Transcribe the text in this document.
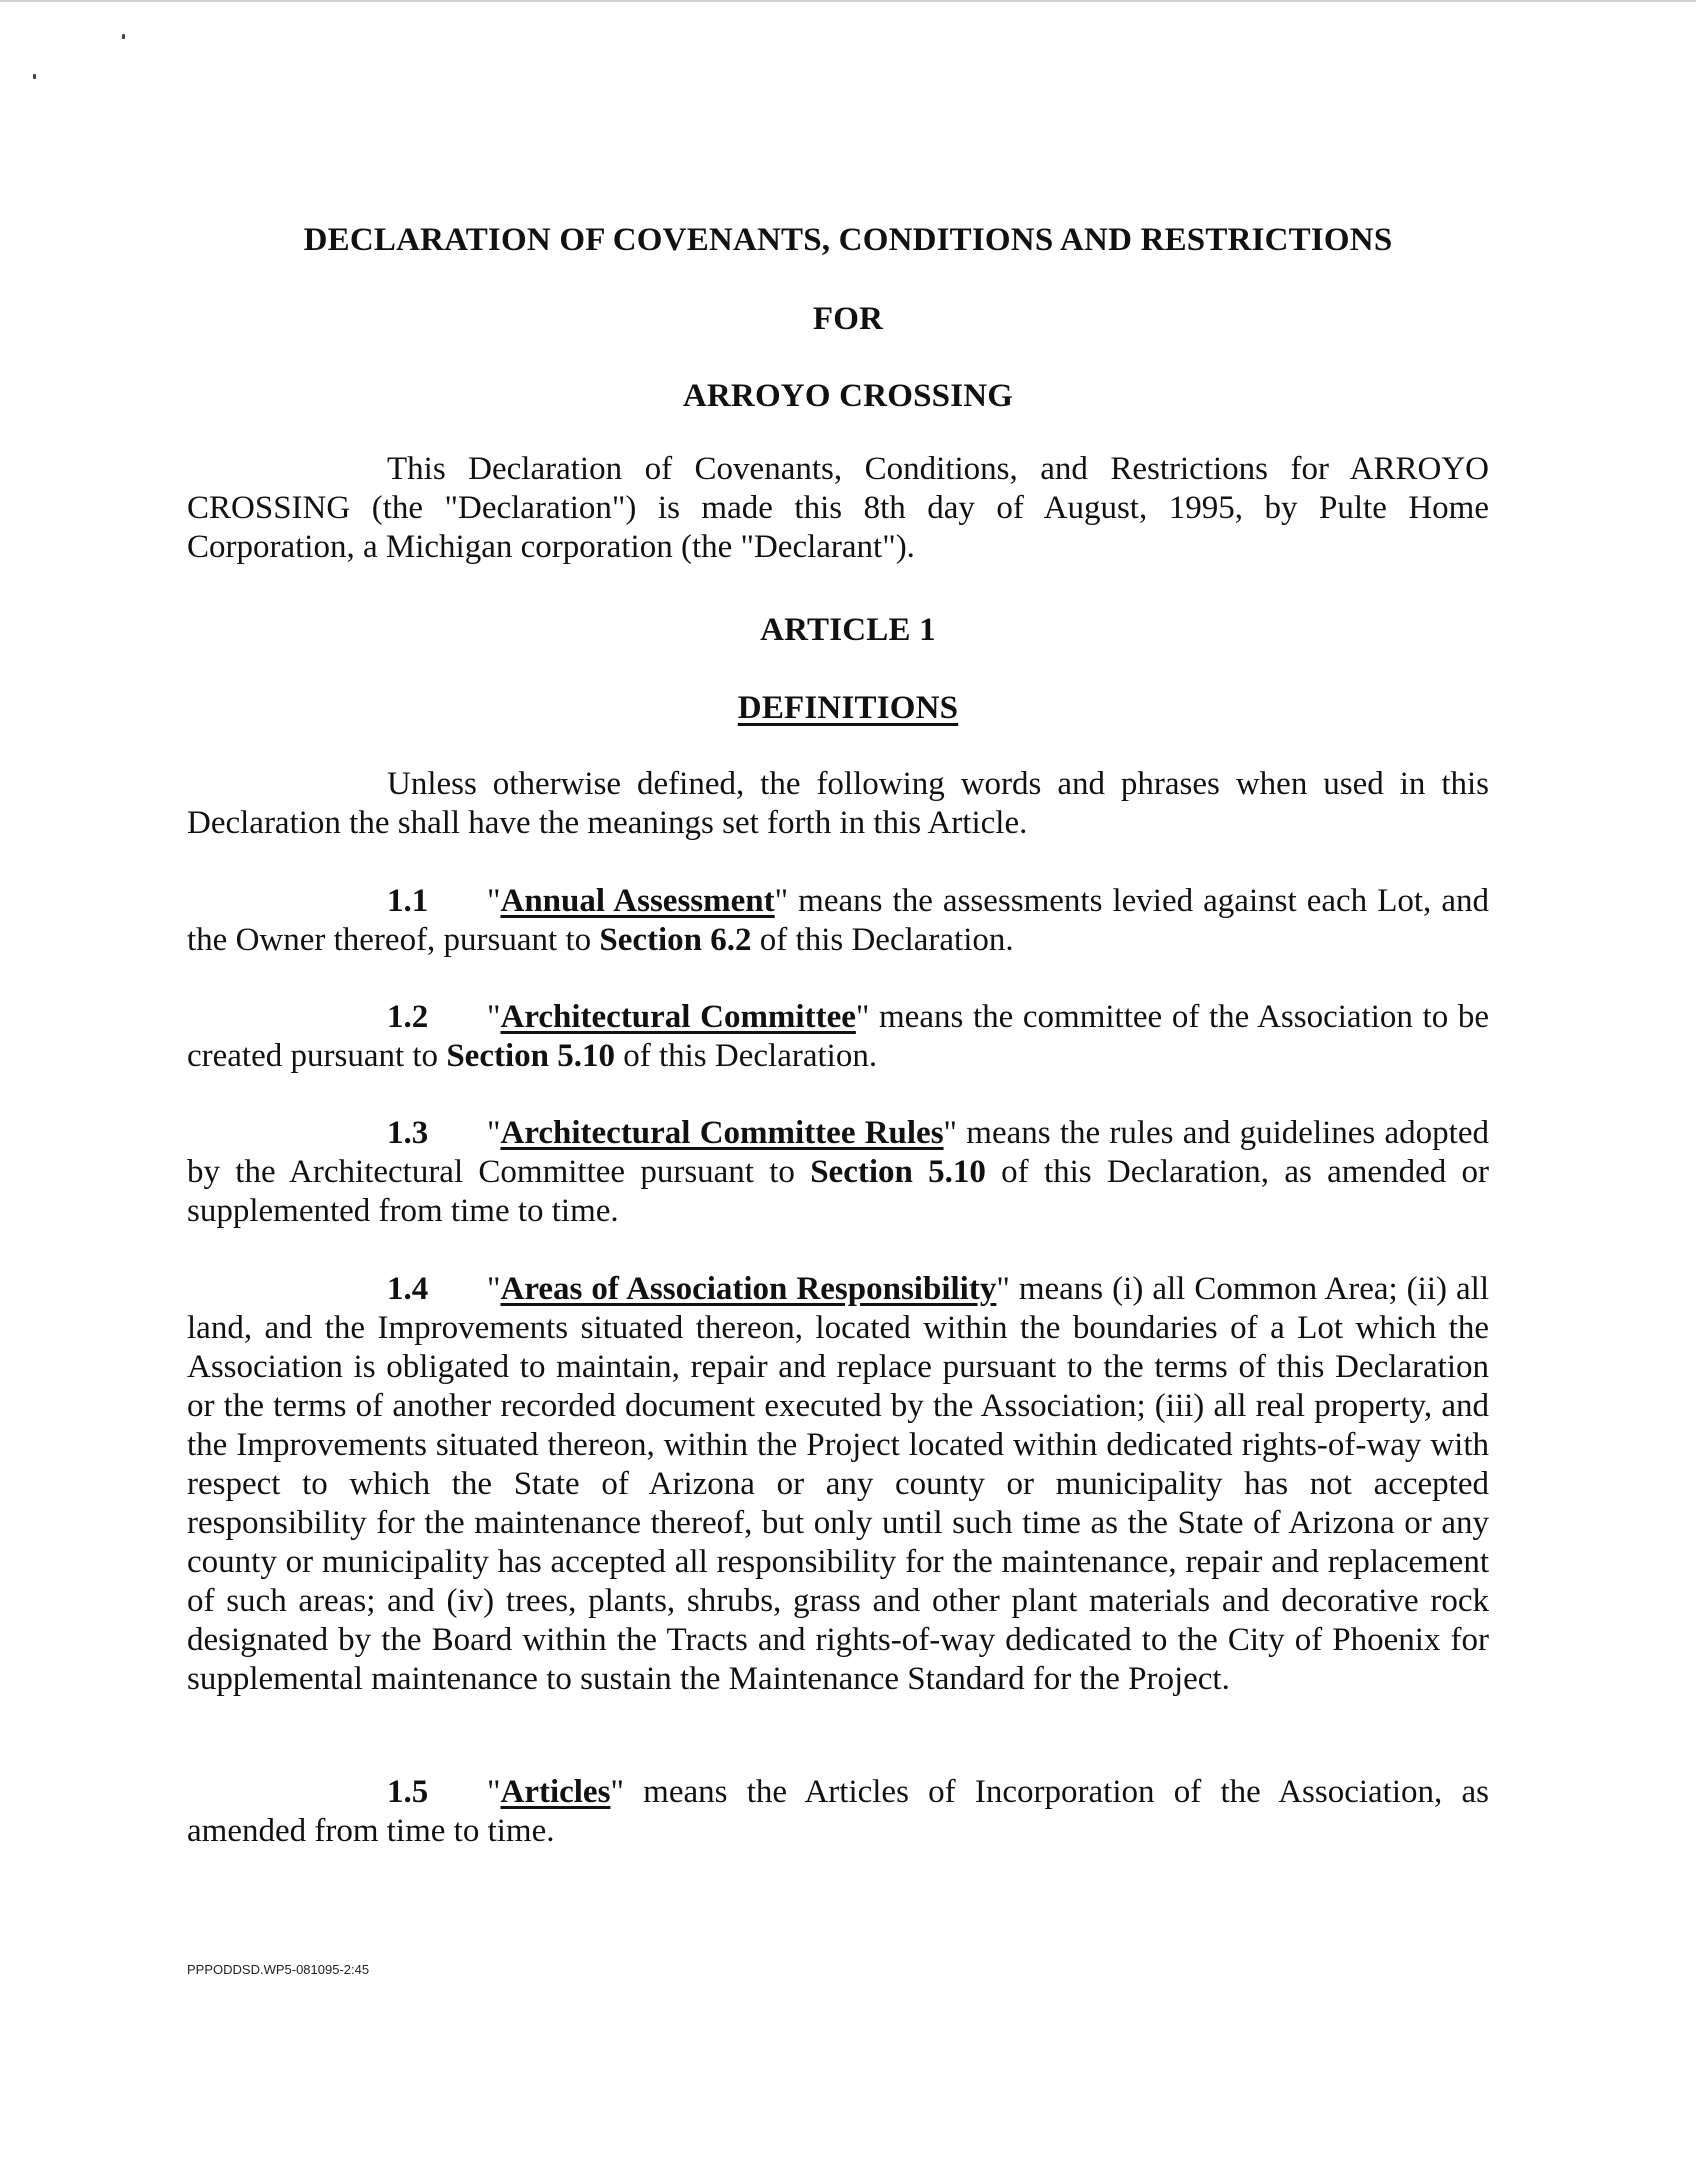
DECLARATION OF COVENANTS, CONDITIONS AND RESTRICTIONS
FOR
ARROYO CROSSING
This Declaration of Covenants, Conditions, and Restrictions for ARROYO CROSSING (the "Declaration") is made this 8th day of August, 1995, by Pulte Home Corporation, a Michigan corporation (the "Declarant").
ARTICLE 1
DEFINITIONS
Unless otherwise defined, the following words and phrases when used in this Declaration the shall have the meanings set forth in this Article.
1.1 "Annual Assessment" means the assessments levied against each Lot, and the Owner thereof, pursuant to Section 6.2 of this Declaration.
1.2 "Architectural Committee" means the committee of the Association to be created pursuant to Section 5.10 of this Declaration.
1.3 "Architectural Committee Rules" means the rules and guidelines adopted by the Architectural Committee pursuant to Section 5.10 of this Declaration, as amended or supplemented from time to time.
1.4 "Areas of Association Responsibility" means (i) all Common Area; (ii) all land, and the Improvements situated thereon, located within the boundaries of a Lot which the Association is obligated to maintain, repair and replace pursuant to the terms of this Declaration or the terms of another recorded document executed by the Association; (iii) all real property, and the Improvements situated thereon, within the Project located within dedicated rights-of-way with respect to which the State of Arizona or any county or municipality has not accepted responsibility for the maintenance thereof, but only until such time as the State of Arizona or any county or municipality has accepted all responsibility for the maintenance, repair and replacement of such areas; and (iv) trees, plants, shrubs, grass and other plant materials and decorative rock designated by the Board within the Tracts and rights-of-way dedicated to the City of Phoenix for supplemental maintenance to sustain the Maintenance Standard for the Project.
1.5 "Articles" means the Articles of Incorporation of the Association, as amended from time to time.
PPPODDSD.WP5-081095-2:45
